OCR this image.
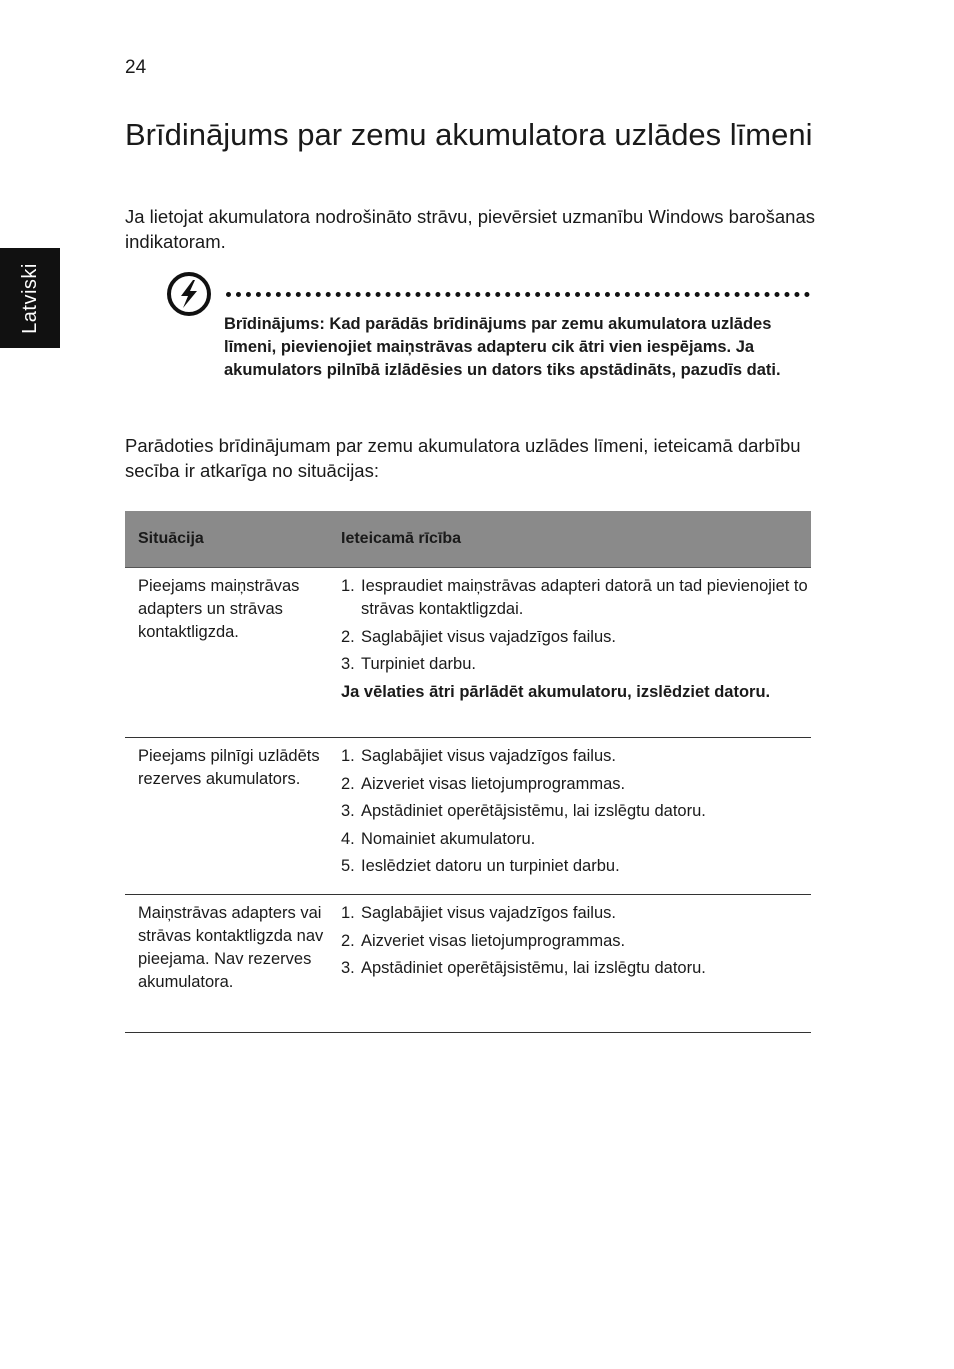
24
Latviski
Brīdinājums par zemu akumulatora uzlādes līmeni

Ja lietojat akumulatora nodrošināto strāvu, pievērsiet uzmanību Windows barošanas indikatoram.

Brīdinājums: Kad parādās brīdinājums par zemu akumulatora uzlādes līmeni, pievienojiet maiņstrāvas adapteru cik ātri vien iespējams. Ja akumulators pilnībā izlādēsies un dators tiks apstādināts, pazudīs dati.

Parādoties brīdinājumam par zemu akumulatora uzlādes līmeni, ieteicamā darbību secība ir atkarīga no situācijas:

Situācija	Ieteicamā rīcība
Pieejams maiņstrāvas adapters un strāvas kontaktligzda.
1. Iespraudiet maiņstrāvas adapteri datorā un tad pievienojiet to strāvas kontaktligzdai.
2. Saglabājiet visus vajadzīgos failus.
3. Turpiniet darbu.
Ja vēlaties ātri pārlādēt akumulatoru, izslēdziet datoru.
Pieejams pilnīgi uzlādēts rezerves akumulators.
1. Saglabājiet visus vajadzīgos failus.
2. Aizveriet visas lietojumprogrammas.
3. Apstādiniet operētājsistēmu, lai izslēgtu datoru.
4. Nomainiet akumulatoru.
5. Ieslēdziet datoru un turpiniet darbu.
Maiņstrāvas adapters vai strāvas kontaktligzda nav pieejama. Nav rezerves akumulatora.
1. Saglabājiet visus vajadzīgos failus.
2. Aizveriet visas lietojumprogrammas.
3. Apstādiniet operētājsistēmu, lai izslēgtu datoru.
